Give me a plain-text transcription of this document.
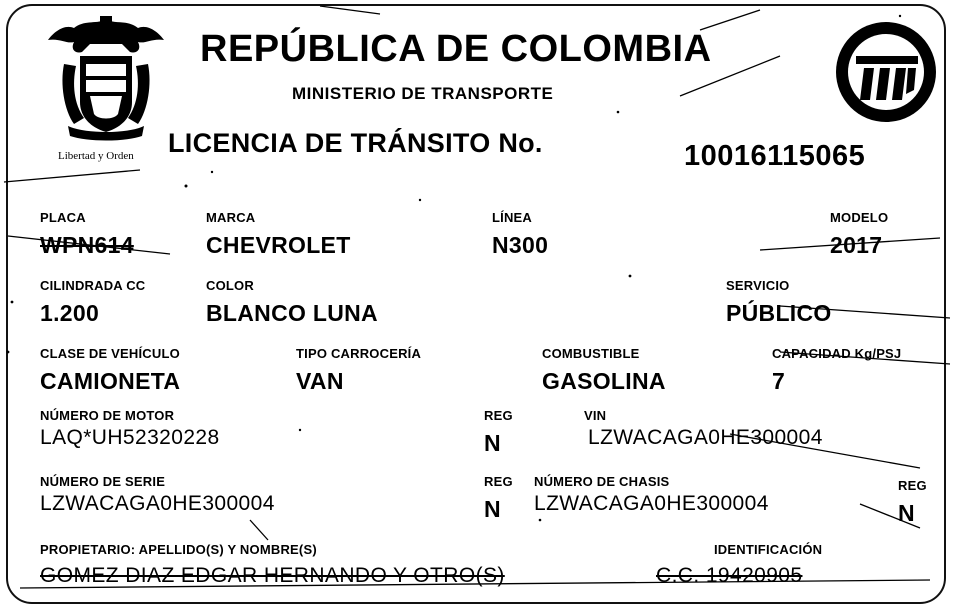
Libertad y Orden
REPÚBLICA DE COLOMBIA
MINISTERIO DE TRANSPORTE
LICENCIA DE TRÁNSITO No.	10016115065
PLACA
WPN614
MARCA
CHEVROLET
LÍNEA
N300
MODELO
2017
CILINDRADA CC
1.200
COLOR
BLANCO LUNA
SERVICIO
PÚBLICO
CLASE DE VEHÍCULO
CAMIONETA
TIPO CARROCERÍA
VAN
COMBUSTIBLE
GASOLINA
CAPACIDAD Kg/PSJ
7
NÚMERO DE MOTOR
LAQ*UH52320228
REG
N
VIN
LZWACAGA0HE300004
NÚMERO DE SERIE
LZWACAGA0HE300004
REG
N
NÚMERO DE CHASIS
LZWACAGA0HE300004
REG
N
PROPIETARIO: APELLIDO(S) Y NOMBRE(S)
GOMEZ DIAZ EDGAR HERNANDO Y OTRO(S)
IDENTIFICACIÓN
C.C. 19420905
